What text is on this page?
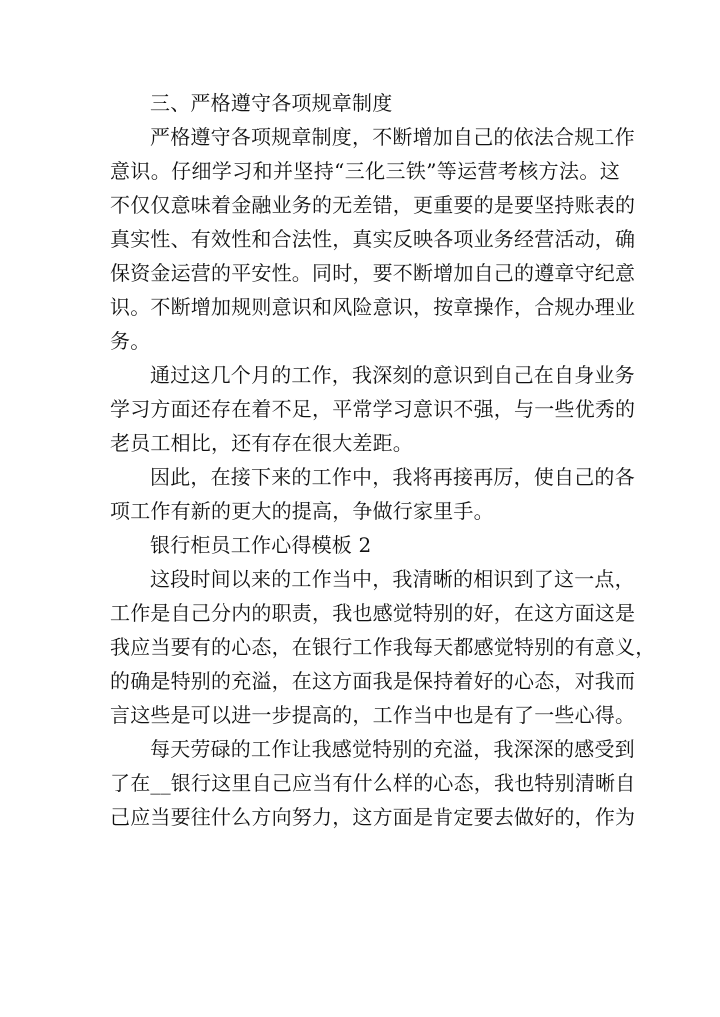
三、严格遵守各项规章制度
严格遵守各项规章制度，不断增加自己的依法合规工作
意识。仔细学习和并坚持“三化三铁”等运营考核方法。这
不仅仅意味着金融业务的无差错，更重要的是要坚持账表的
真实性、有效性和合法性，真实反映各项业务经营活动，确
保资金运营的平安性。同时，要不断增加自己的遵章守纪意
识。不断增加规则意识和风险意识，按章操作，合规办理业
务。
通过这几个月的工作，我深刻的意识到自己在自身业务
学习方面还存在着不足，平常学习意识不强，与一些优秀的
老员工相比，还有存在很大差距。
因此，在接下来的工作中，我将再接再厉，使自己的各
项工作有新的更大的提高，争做行家里手。
银行柜员工作心得模板 2
这段时间以来的工作当中，我清晰的相识到了这一点，
工作是自己分内的职责，我也感觉特别的好，在这方面这是
我应当要有的心态，在银行工作我每天都感觉特别的有意义，
的确是特别的充溢，在这方面我是保持着好的心态，对我而
言这些是可以进一步提高的，工作当中也是有了一些心得。
每天劳碌的工作让我感觉特别的充溢，我深深的感受到
了在__银行这里自己应当有什么样的心态，我也特别清晰自
己应当要往什么方向努力，这方面是肯定要去做好的，作为
